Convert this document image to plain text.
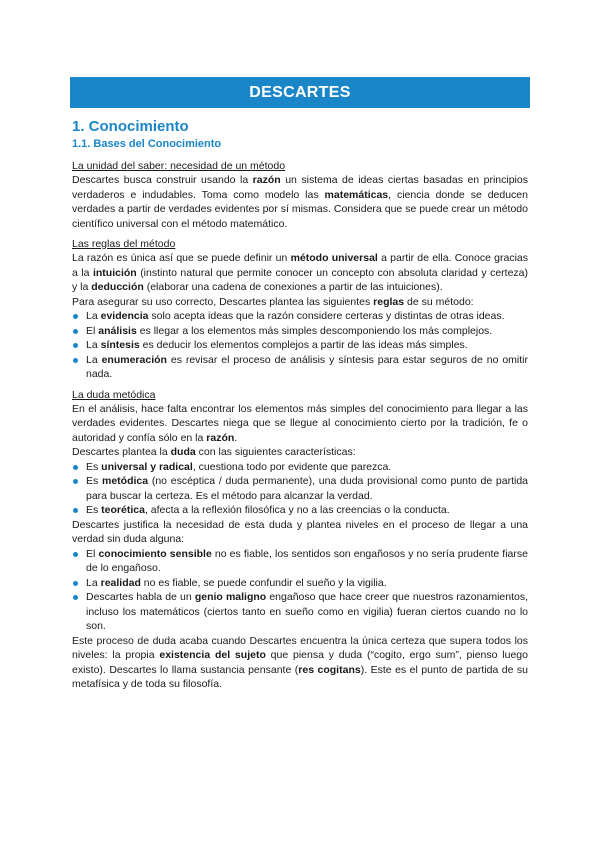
DESCARTES
1. Conocimiento
1.1. Bases del Conocimiento
La unidad del saber: necesidad de un método

Descartes busca construir usando la razón un sistema de ideas ciertas basadas en principios verdaderos e indudables. Toma como modelo las matemáticas, ciencia donde se deducen verdades a partir de verdades evidentes por sí mismas. Considera que se puede crear un método científico universal con el método matemático.

Las reglas del método

La razón es única así que se puede definir un método universal a partir de ella. Conoce gracias a la intuición (instinto natural que permite conocer un concepto con absoluta claridad y certeza) y la deducción (elaborar una cadena de conexiones a partir de las intuiciones).

Para asegurar su uso correcto, Descartes plantea las siguientes reglas de su método:

La evidencia solo acepta ideas que la razón considere certeras y distintas de otras ideas.
El análisis es llegar a los elementos más simples descomponiendo los más complejos.
La síntesis es deducir los elementos complejos a partir de las ideas más simples.
La enumeración es revisar el proceso de análisis y síntesis para estar seguros de no omitir nada.
La duda metódica

En el análisis, hace falta encontrar los elementos más simples del conocimiento para llegar a las verdades evidentes. Descartes niega que se llegue al conocimiento cierto por la tradición, fe o autoridad y confía sólo en la razón.

Descartes plantea la duda con las siguientes características:

Es universal y radical, cuestiona todo por evidente que parezca.
Es metódica (no escéptica / duda permanente), una duda provisional como punto de partida para buscar la certeza. Es el método para alcanzar la verdad.
Es teorética, afecta a la reflexión filosófica y no a las creencias o la conducta.

Descartes justifica la necesidad de esta duda y plantea niveles en el proceso de llegar a una verdad sin duda alguna:

El conocimiento sensible no es fiable, los sentidos son engañosos y no sería prudente fiarse de lo engañoso.
La realidad no es fiable, se puede confundir el sueño y la vigilia.
Descartes habla de un genio maligno engañoso que hace creer que nuestros razonamientos, incluso los matemáticos (ciertos tanto en sueño como en vigilia) fueran ciertos cuando no lo son.

Este proceso de duda acaba cuando Descartes encuentra la única certeza que supera todos los niveles: la propia existencia del sujeto que piensa y duda (“cogito, ergo sum”, pienso luego existo). Descartes lo llama sustancia pensante (res cogitans). Este es el punto de partida de su metafísica y de toda su filosofía.
